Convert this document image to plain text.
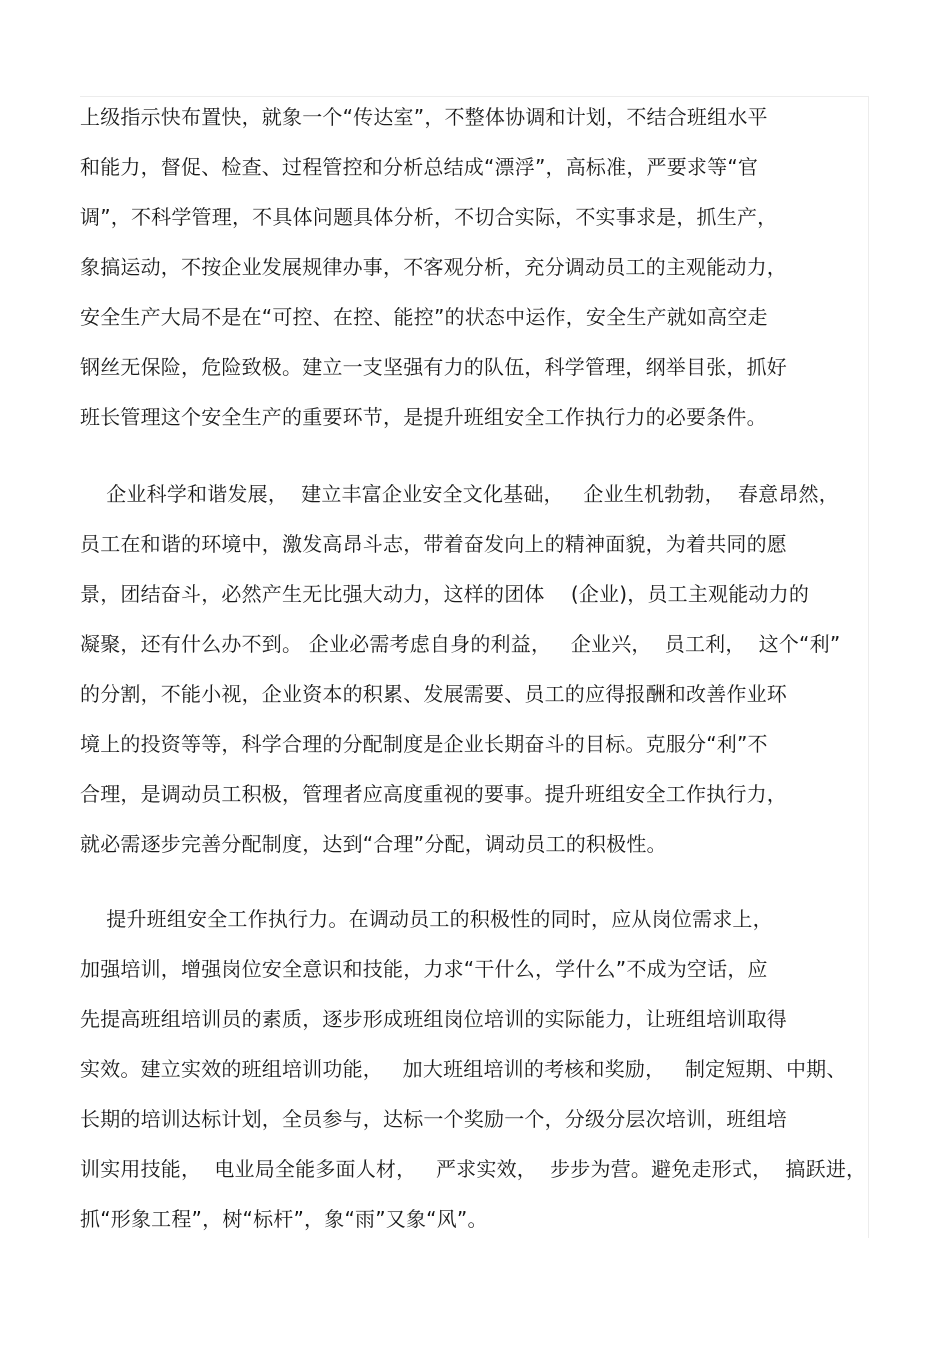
上级指示快布置快，就象一个“传达室”，不整体协调和计划，不结合班组水平
和能力，督促、检查、过程管控和分析总结成“漂浮”，高标准，严要求等“官
调”，不科学管理，不具体问题具体分析，不切合实际，不实事求是，抓生产，
象搞运动，不按企业发展规律办事，不客观分析，充分调动员工的主观能动力，
安全生产大局不是在“可控、在控、能控”的状态中运作，安全生产就如高空走
钢丝无保险，危险致极。建立一支坚强有力的队伍，科学管理，纲举目张，抓好
班长管理这个安全生产的重要环节，是提升班组安全工作执行力的必要条件。
企业科学和谐发展，  建立丰富企业安全文化基础，   企业生机勃勃，  春意昂然，
员工在和谐的环境中，激发高昂斗志，带着奋发向上的精神面貌，为着共同的愿
景，团结奋斗，必然产生无比强大动力，这样的团体    (企业)，员工主观能动力的
凝聚，还有什么办不到。 企业必需考虑自身的利益，   企业兴，  员工利，  这个“利”
的分割，不能小视，企业资本的积累、发展需要、员工的应得报酬和改善作业环
境上的投资等等，科学合理的分配制度是企业长期奋斗的目标。克服分“利”不
合理，是调动员工积极，管理者应高度重视的要事。提升班组安全工作执行力，
就必需逐步完善分配制度，达到“合理”分配，调动员工的积极性。
提升班组安全工作执行力。在调动员工的积极性的同时，应从岗位需求上，
加强培训，增强岗位安全意识和技能，力求“干什么，学什么”不成为空话，应
先提高班组培训员的素质，逐步形成班组岗位培训的实际能力，让班组培训取得
实效。建立实效的班组培训功能，   加大班组培训的考核和奖励，   制定短期、中期、
长期的培训达标计划，全员参与，达标一个奖励一个，分级分层次培训，班组培
训实用技能，  电业局全能多面人材，   严求实效，  步步为营。避免走形式，  搞跃进，
抓“形象工程”，树“标杆”，象“雨”又象“风”。
